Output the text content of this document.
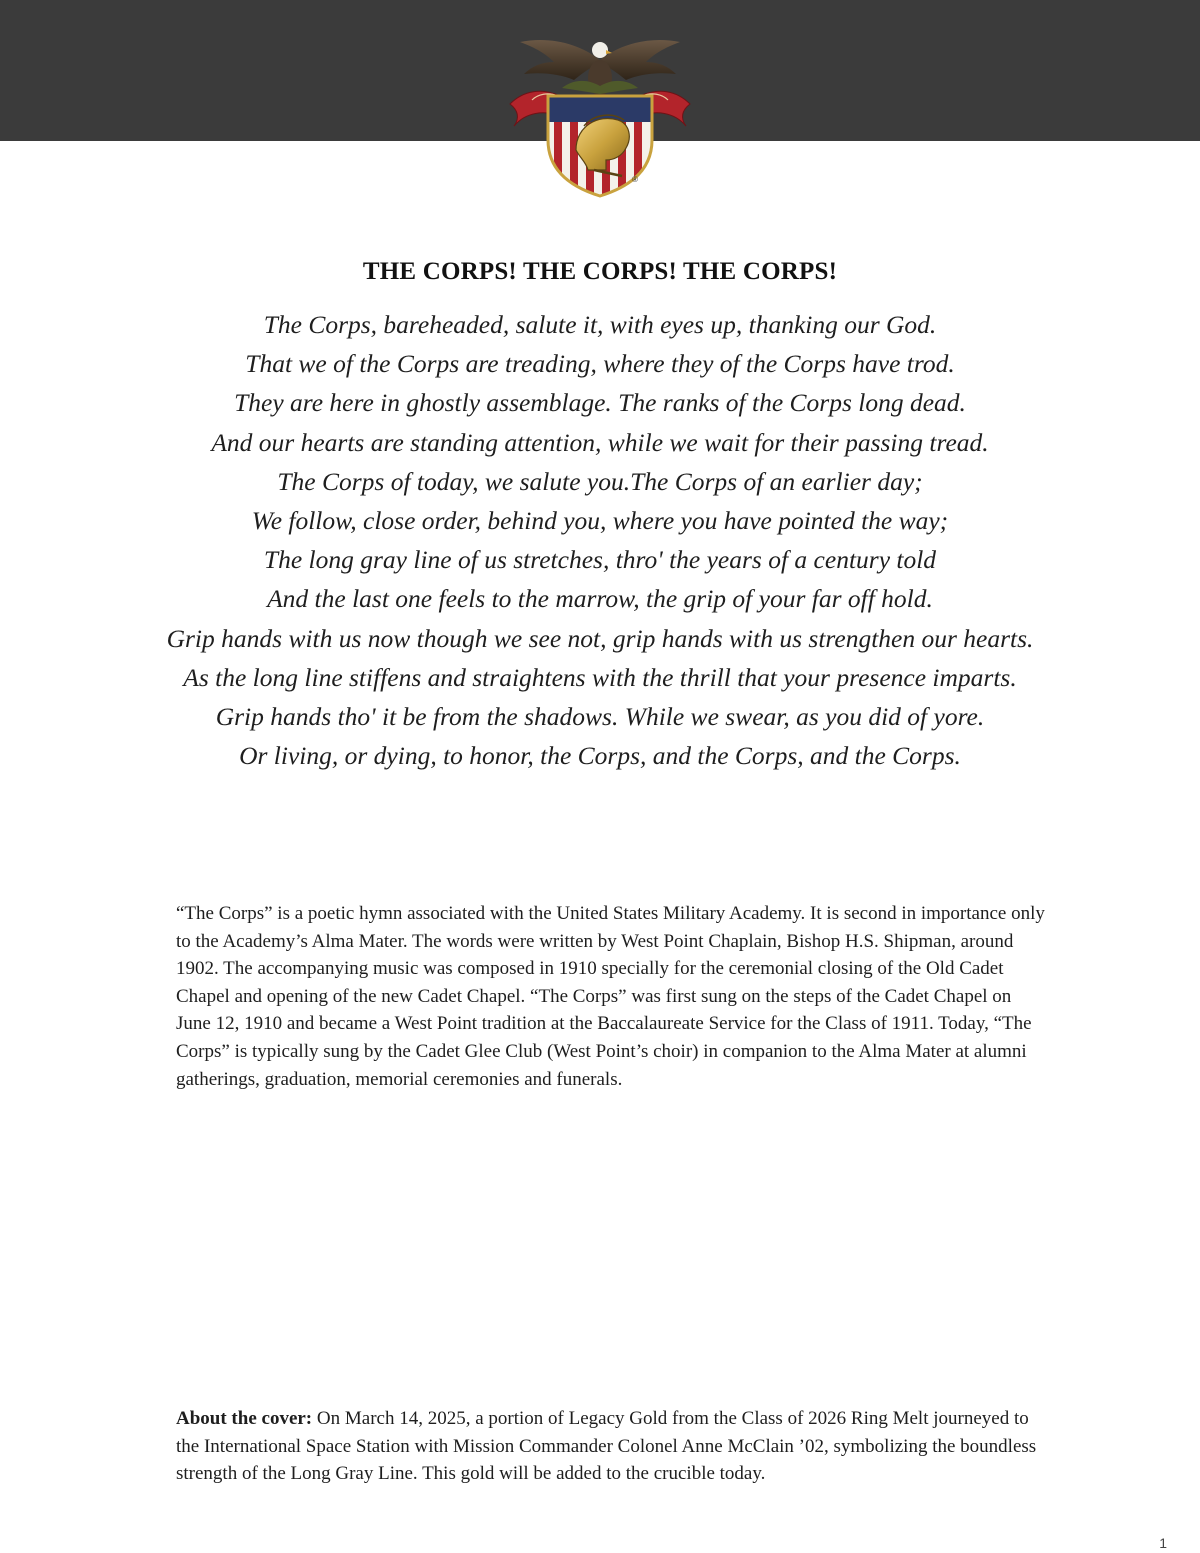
®
THE CORPS! THE CORPS! THE CORPS!
The Corps, bareheaded, salute it, with eyes up, thanking our God.
That we of the Corps are treading, where they of the Corps have trod.
They are here in ghostly assemblage. The ranks of the Corps long dead.
And our hearts are standing attention, while we wait for their passing tread.
The Corps of today, we salute you.The Corps of an earlier day;
We follow, close order, behind you, where you have pointed the way;
The long gray line of us stretches, thro' the years of a century told
And the last one feels to the marrow, the grip of your far off hold.
Grip hands with us now though we see not, grip hands with us strengthen our hearts.
As the long line stiffens and straightens with the thrill that your presence imparts.
Grip hands tho' it be from the shadows. While we swear, as you did of yore.
Or living, or dying, to honor, the Corps, and the Corps, and the Corps.

“The Corps” is a poetic hymn associated with the United States Military Academy. It is second in importance only to the Academy’s Alma Mater. The words were written by West Point Chaplain, Bishop H.S. Shipman, around 1902. The accompanying music was composed in 1910 specially for the ceremonial closing of the Old Cadet Chapel and opening of the new Cadet Chapel. “The Corps” was first sung on the steps of the Cadet Chapel on June 12, 1910 and became a West Point tradition at the Baccalaureate Service for the Class of 1911. Today, “The Corps” is typically sung by the Cadet Glee Club (West Point’s choir) in companion to the Alma Mater at alumni gatherings, graduation, memorial ceremonies and funerals.

About the cover: On March 14, 2025, a portion of Legacy Gold from the Class of 2026 Ring Melt journeyed to the International Space Station with Mission Commander Colonel Anne McClain ’02, symbolizing the boundless strength of the Long Gray Line. This gold will be added to the crucible today.

1
